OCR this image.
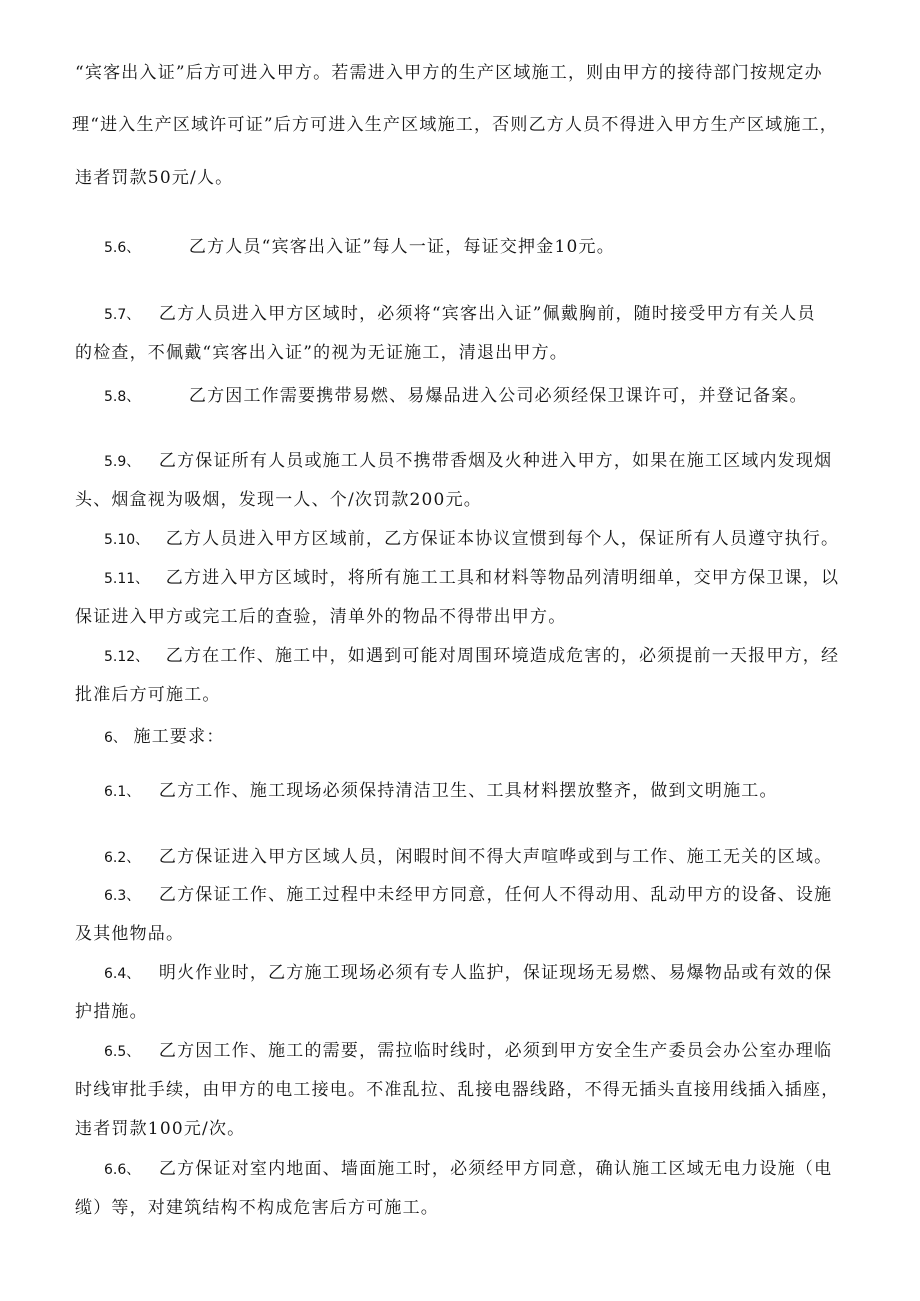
“宾客出入证”后方可进入甲方。若需进入甲方的生产区域施工，则由甲方的接待部门按规定办
理“进入生产区域许可证”后方可进入生产区域施工，否则乙方人员不得进入甲方生产区域施工，
违者罚款50元/人。
5.6、	乙方人员“宾客出入证”每人一证，每证交押金10元。
5.7、 乙方人员进入甲方区域时，必须将“宾客出入证”佩戴胸前，随时接受甲方有关人员
的检查，不佩戴“宾客出入证”的视为无证施工，清退出甲方。
5.8、	乙方因工作需要携带易燃、易爆品进入公司必须经保卫课许可，并登记备案。
5.9、 乙方保证所有人员或施工人员不携带香烟及火种进入甲方，如果在施工区域内发现烟
头、烟盒视为吸烟，发现一人、个/次罚款200元。
5.10、 乙方人员进入甲方区域前，乙方保证本协议宣惯到每个人，保证所有人员遵守执行。
5.11、 乙方进入甲方区域时，将所有施工工具和材料等物品列清明细单，交甲方保卫课，以
保证进入甲方或完工后的查验，清单外的物品不得带出甲方。
5.12、 乙方在工作、施工中，如遇到可能对周围环境造成危害的，必须提前一天报甲方，经
批准后方可施工。
6、 施工要求：
6.1、 乙方工作、施工现场必须保持清洁卫生、工具材料摆放整齐，做到文明施工。
6.2、 乙方保证进入甲方区域人员，闲暇时间不得大声喧哗或到与工作、施工无关的区域。
6.3、 乙方保证工作、施工过程中未经甲方同意，任何人不得动用、乱动甲方的设备、设施
及其他物品。
6.4、 明火作业时，乙方施工现场必须有专人监护，保证现场无易燃、易爆物品或有效的保
护措施。
6.5、 乙方因工作、施工的需要，需拉临时线时，必须到甲方安全生产委员会办公室办理临
时线审批手续，由甲方的电工接电。不准乱拉、乱接电器线路，不得无插头直接用线插入插座，
违者罚款100元/次。
6.6、 乙方保证对室内地面、墙面施工时，必须经甲方同意，确认施工区域无电力设施（电
缆）等，对建筑结构不构成危害后方可施工。
